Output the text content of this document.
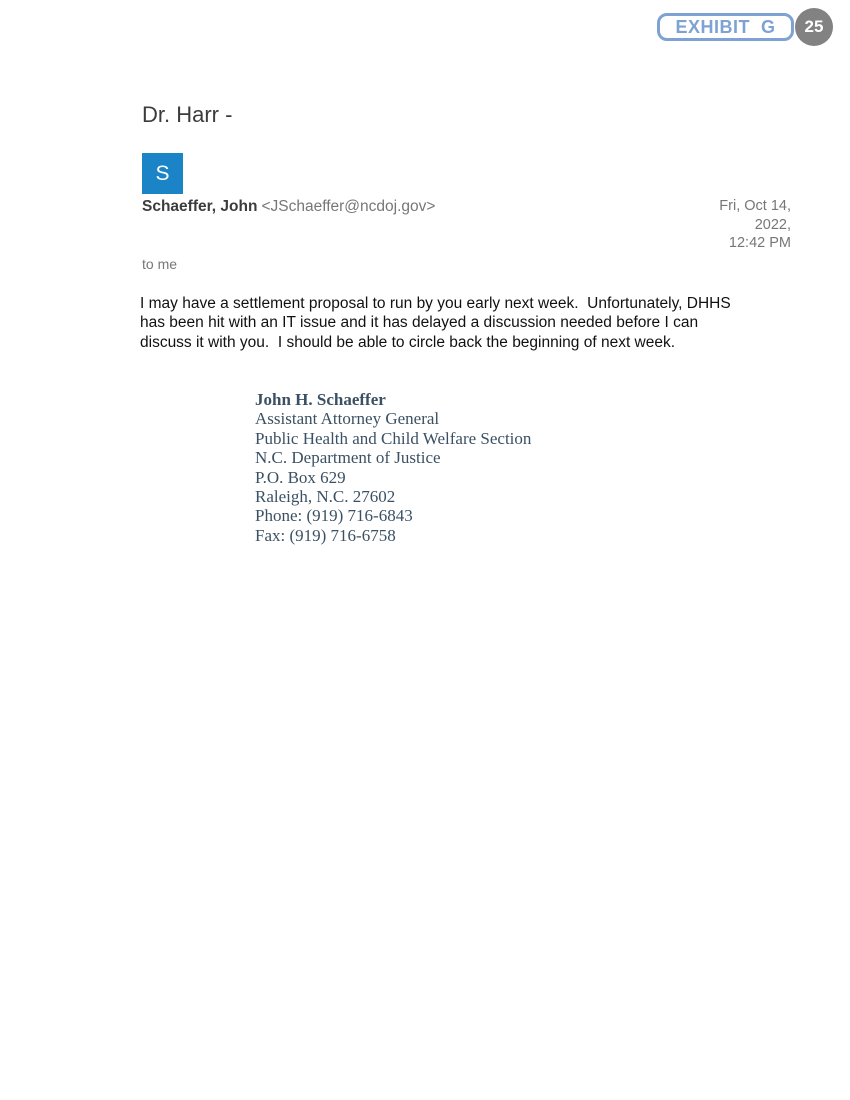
25
EXHIBIT  G
Dr. Harr -
S
Schaeffer, John <JSchaeffer@ncdoj.gov>	Fri, Oct 14,
2022,
12:42 PM
to me
I may have a settlement proposal to run by you early next week.  Unfortunately, DHHS
has been hit with an IT issue and it has delayed a discussion needed before I can
discuss it with you.  I should be able to circle back the beginning of next week.
John H. Schaeffer
Assistant Attorney General
Public Health and Child Welfare Section
N.C. Department of Justice
P.O. Box 629
Raleigh, N.C. 27602
Phone: (919) 716-6843
Fax: (919) 716-6758
